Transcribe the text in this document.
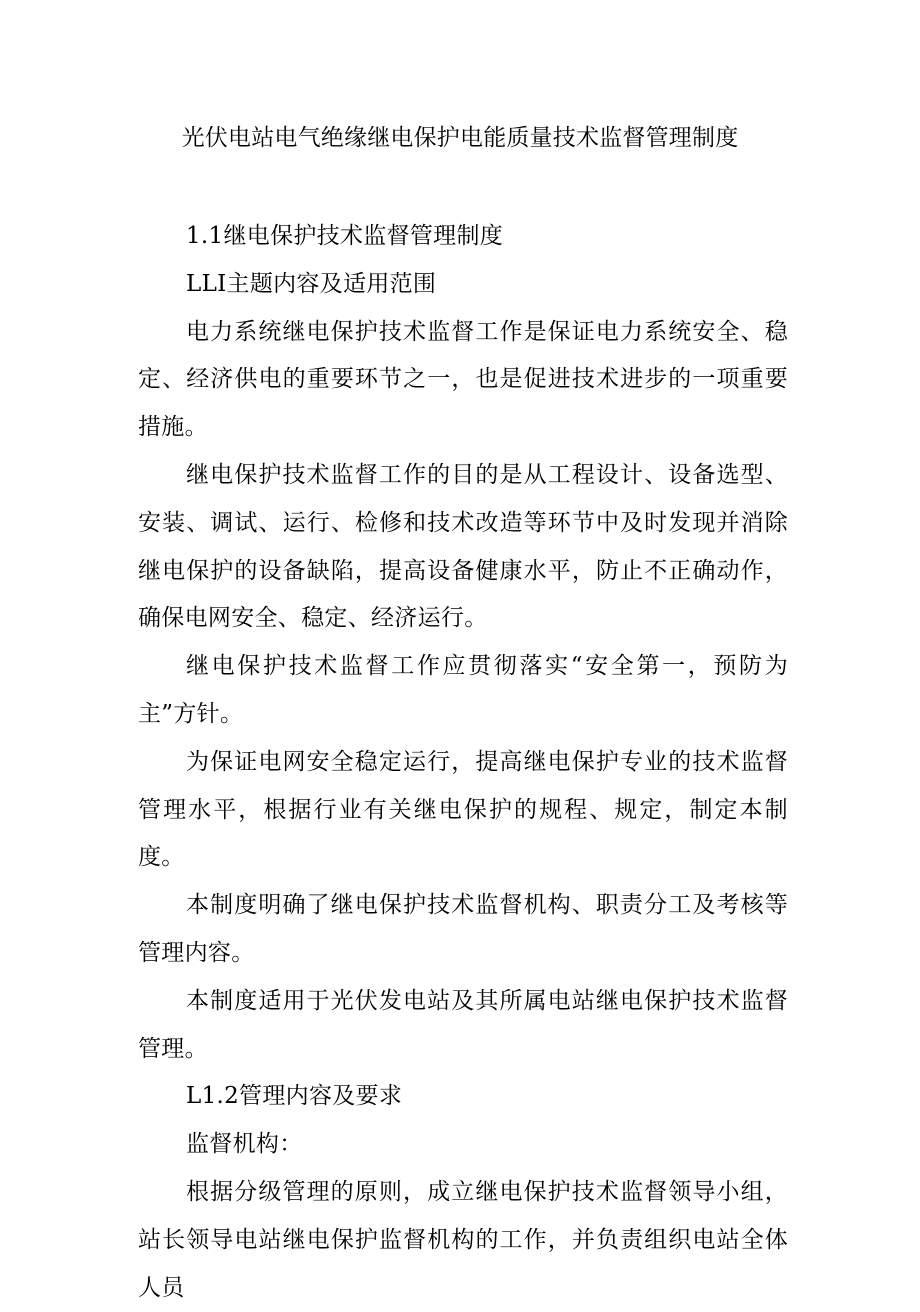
光伏电站电气绝缘继电保护电能质量技术监督管理制度

1.1继电保护技术监督管理制度

LLI主题内容及适用范围

电力系统继电保护技术监督工作是保证电力系统安全、稳定、经济供电的重要环节之一，也是促进技术进步的一项重要措施。

继电保护技术监督工作的目的是从工程设计、设备选型、安装、调试、运行、检修和技术改造等环节中及时发现并消除继电保护的设备缺陷，提高设备健康水平，防止不正确动作，确保电网安全、稳定、经济运行。

继电保护技术监督工作应贯彻落实“安全第一，预防为主”方针。

为保证电网安全稳定运行，提高继电保护专业的技术监督管理水平，根据行业有关继电保护的规程、规定，制定本制度。

本制度明确了继电保护技术监督机构、职责分工及考核等管理内容。

本制度适用于光伏发电站及其所属电站继电保护技术监督管理。

L1.2管理内容及要求

监督机构：

根据分级管理的原则，成立继电保护技术监督领导小组，站长领导电站继电保护监督机构的工作，并负责组织电站全体人员
